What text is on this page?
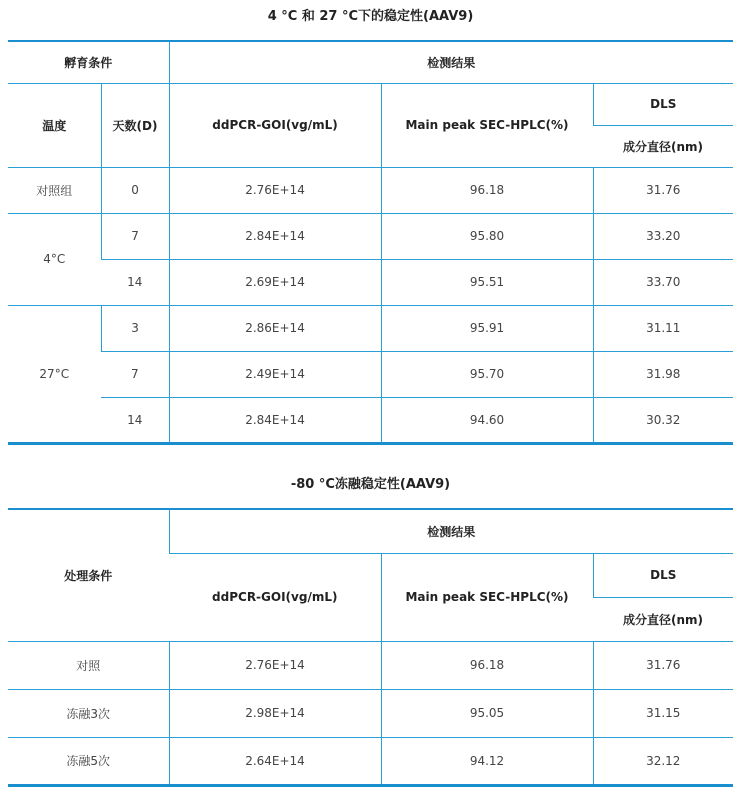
4 °C 和 27 °C下的稳定性(AAV9)
孵育条件		检测结果		
温度	天数(D)	ddPCR-GOI(vg/mL)	Main peak SEC-HPLC(%)	DLS
				成分直径(nm)
对照组	0	2.76E+14	96.18	31.76
4°C	7	2.84E+14	95.80	33.20
	14	2.69E+14	95.51	33.70
27°C	3	2.86E+14	95.91	31.11
	7	2.49E+14	95.70	31.98
	14	2.84E+14	94.60	30.32
-80 °C冻融稳定性(AAV9)
处理条件	检测结果		
	ddPCR-GOI(vg/mL)	Main peak SEC-HPLC(%)	DLS
			成分直径(nm)
对照	2.76E+14	96.18	31.76
冻融3次	2.98E+14	95.05	31.15
冻融5次	2.64E+14	94.12	32.12
